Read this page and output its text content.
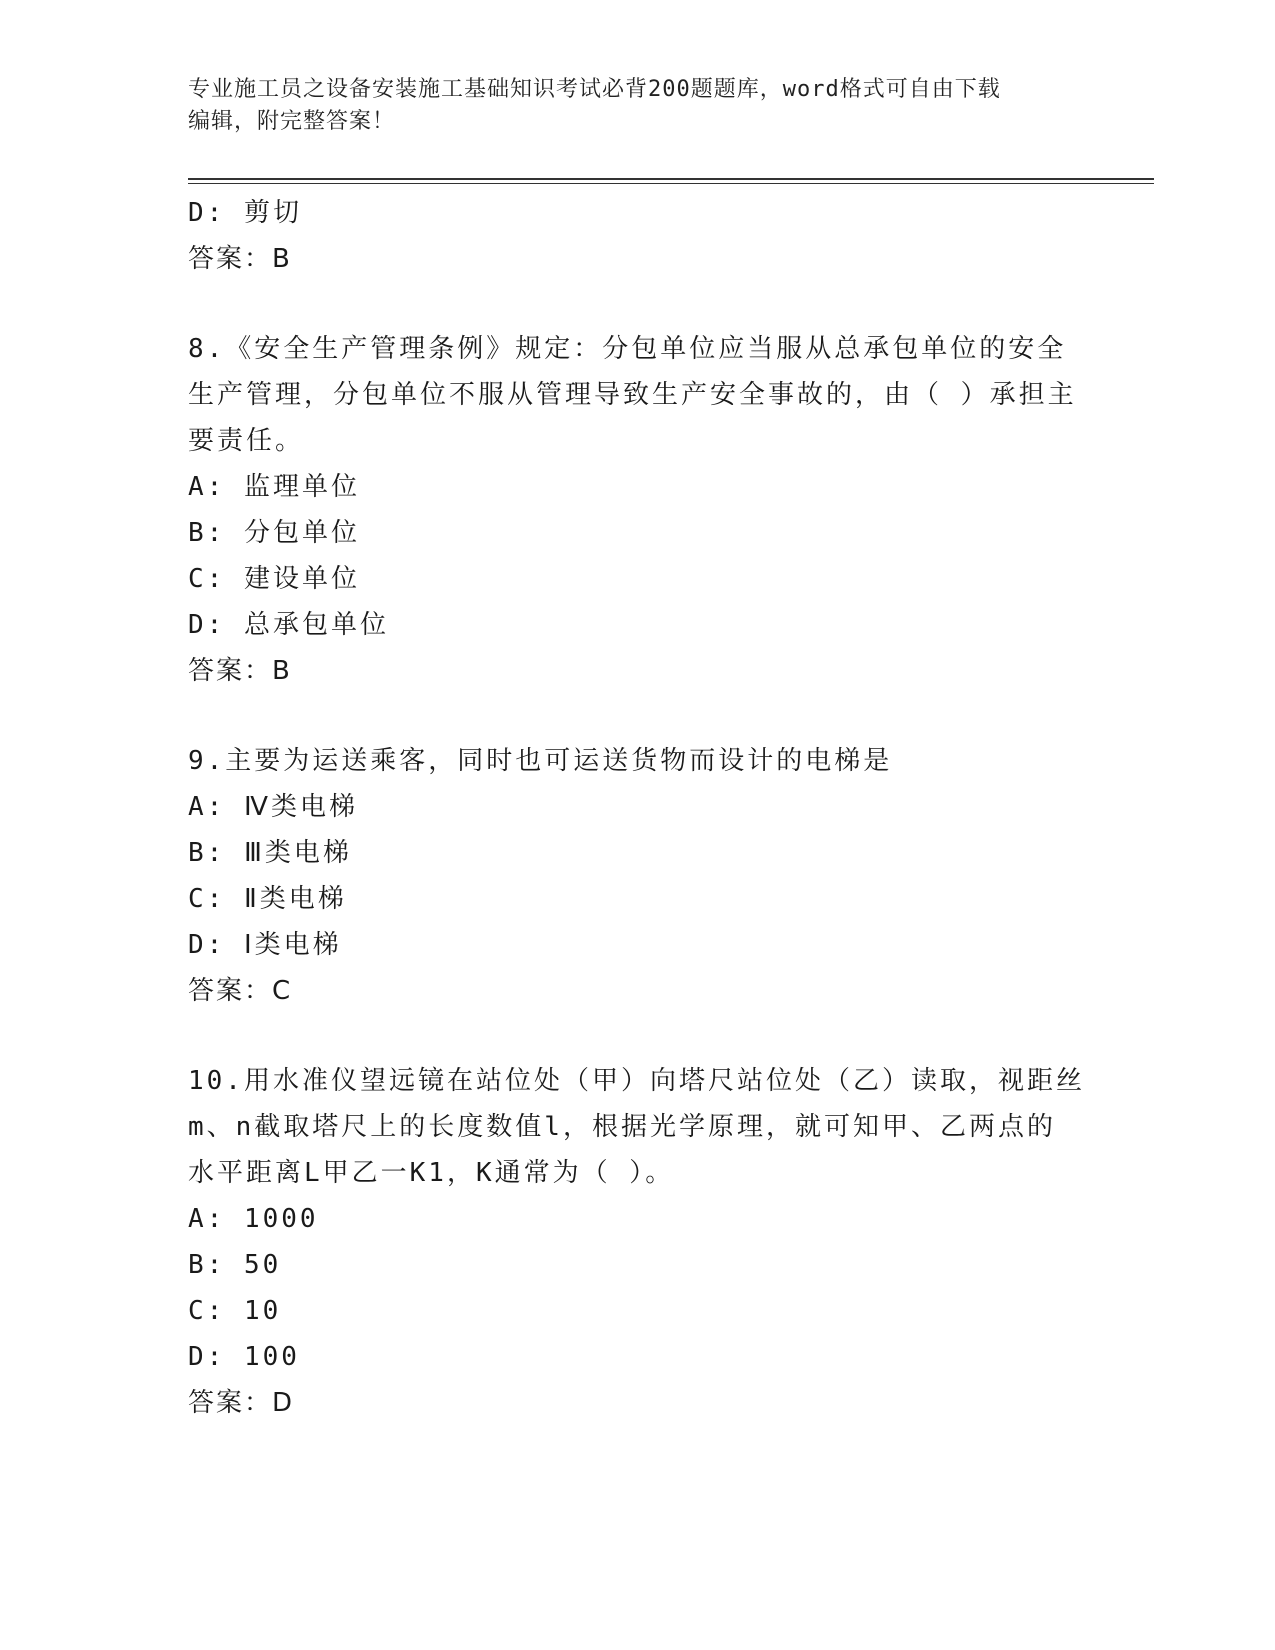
专业施工员之设备安装施工基础知识考试必背200题题库，word格式可自由下载
编辑，附完整答案！

D: 剪切

答案：B

8.《安全生产管理条例》规定：分包单位应当服从总承包单位的安全

生产管理，分包单位不服从管理导致生产安全事故的，由（ ）承担主

要责任。

A: 监理单位

B: 分包单位

C: 建设单位

D: 总承包单位

答案：B

9.主要为运送乘客，同时也可运送货物而设计的电梯是

A: Ⅳ类电梯

B: Ⅲ类电梯

C: Ⅱ类电梯

D: Ⅰ类电梯

答案：C

10.用水准仪望远镜在站位处（甲）向塔尺站位处（乙）读取，视距丝

m、n截取塔尺上的长度数值l，根据光学原理，就可知甲、乙两点的

水平距离L甲乙一K1，K通常为（ ）。

A: 1000

B: 50

C: 10

D: 100

答案：D
